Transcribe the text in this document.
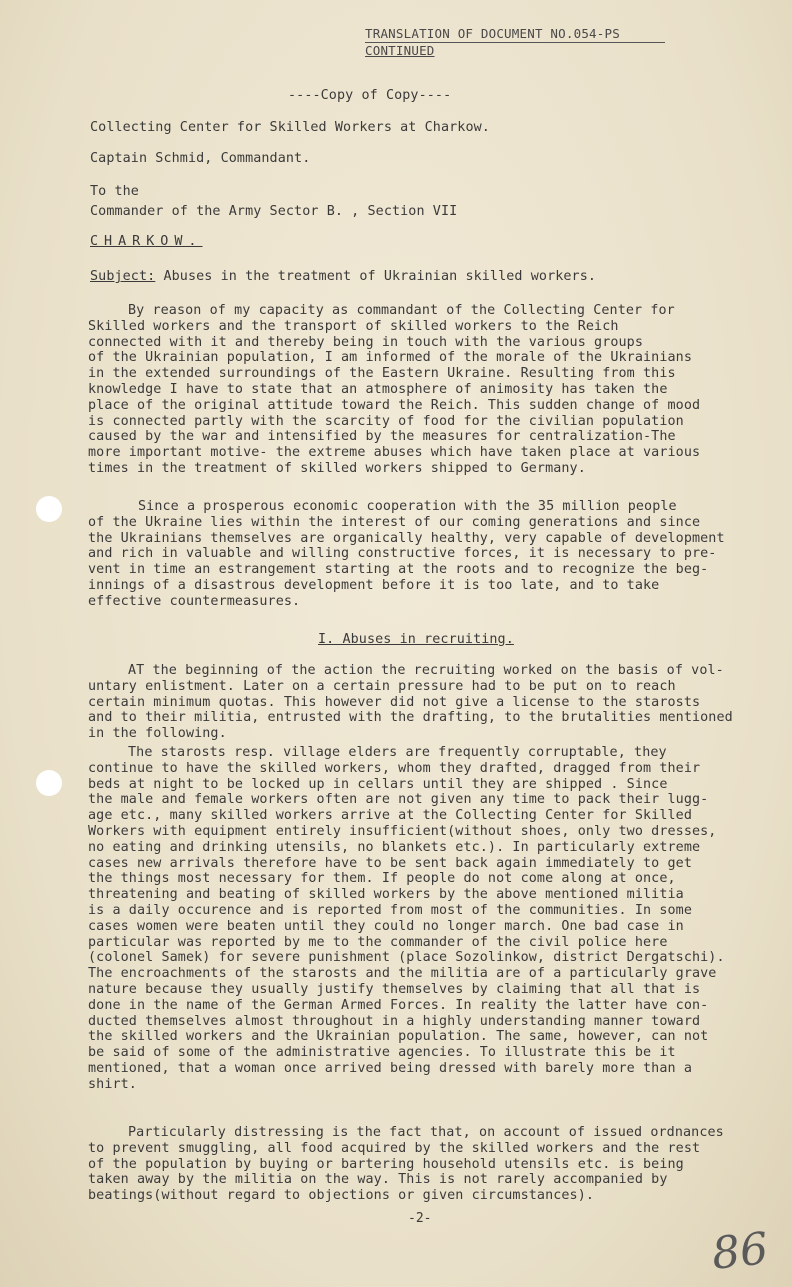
TRANSLATION OF DOCUMENT NO.054-PS
CONTINUED
----Copy of Copy----
Collecting Center for Skilled Workers at Charkow.
Captain Schmid, Commandant.
To the
Commander of the Army Sector B. , Section VII
CHARKOW.
Subject: Abuses in the treatment of Ukrainian skilled workers.
By reason of my capacity as commandant of the Collecting Center for
Skilled workers and the transport of skilled workers to the Reich
connected with it and thereby being in touch with the various groups
of the Ukrainian population, I am informed of the morale of the Ukrainians
in the extended surroundings of the Eastern Ukraine. Resulting from this
knowledge I have to state that an atmosphere of animosity has taken the
place of the original attitude toward the Reich. This sudden change of mood
is connected partly with the scarcity of food for the civilian population
caused by the war and intensified by the measures for centralization-The
more important motive- the extreme abuses which have taken place at various
times in the treatment of skilled workers shipped to Germany.
Since a prosperous economic cooperation with the 35 million people
of the Ukraine lies within the interest of our coming generations and since
the Ukrainians themselves are organically healthy, very capable of development
and rich in valuable and willing constructive forces, it is necessary to pre-
vent in time an estrangement starting at the roots and to recognize the beg-
innings of a disastrous development before it is too late, and to take
effective countermeasures.
I. Abuses in recruiting.
AT the beginning of the action the recruiting worked on the basis of vol-
untary enlistment. Later on a certain pressure had to be put on to reach
certain minimum quotas. This however did not give a license to the starosts
and to their militia, entrusted with the drafting, to the brutalities mentioned
in the following.
The starosts resp. village elders are frequently corruptable, they
continue to have the skilled workers, whom they drafted, dragged from their
beds at night to be locked up in cellars until they are shipped . Since
the male and female workers often are not given any time to pack their lugg-
age etc., many skilled workers arrive at the Collecting Center for Skilled
Workers with equipment entirely insufficient(without shoes, only two dresses,
no eating and drinking utensils, no blankets etc.). In particularly extreme
cases new arrivals therefore have to be sent back again immediately to get
the things most necessary for them. If people do not come along at once,
threatening and beating of skilled workers by the above mentioned militia
is a daily occurence and is reported from most of the communities. In some
cases women were beaten until they could no longer march. One bad case in
particular was reported by me to the commander of the civil police here
(colonel Samek) for severe punishment (place Sozolinkow, district Dergatschi).
The encroachments of the starosts and the militia are of a particularly grave
nature because they usually justify themselves by claiming that all that is
done in the name of the German Armed Forces. In reality the latter have con-
ducted themselves almost throughout in a highly understanding manner toward
the skilled workers and the Ukrainian population. The same, however, can not
be said of some of the administrative agencies. To illustrate this be it
mentioned, that a woman once arrived being dressed with barely more than a
shirt.
Particularly distressing is the fact that, on account of issued ordnances
to prevent smuggling, all food acquired by the skilled workers and the rest
of the population by buying or bartering household utensils etc. is being
taken away by the militia on the way. This is not rarely accompanied by
beatings(without regard to objections or given circumstances).
-2-
86
